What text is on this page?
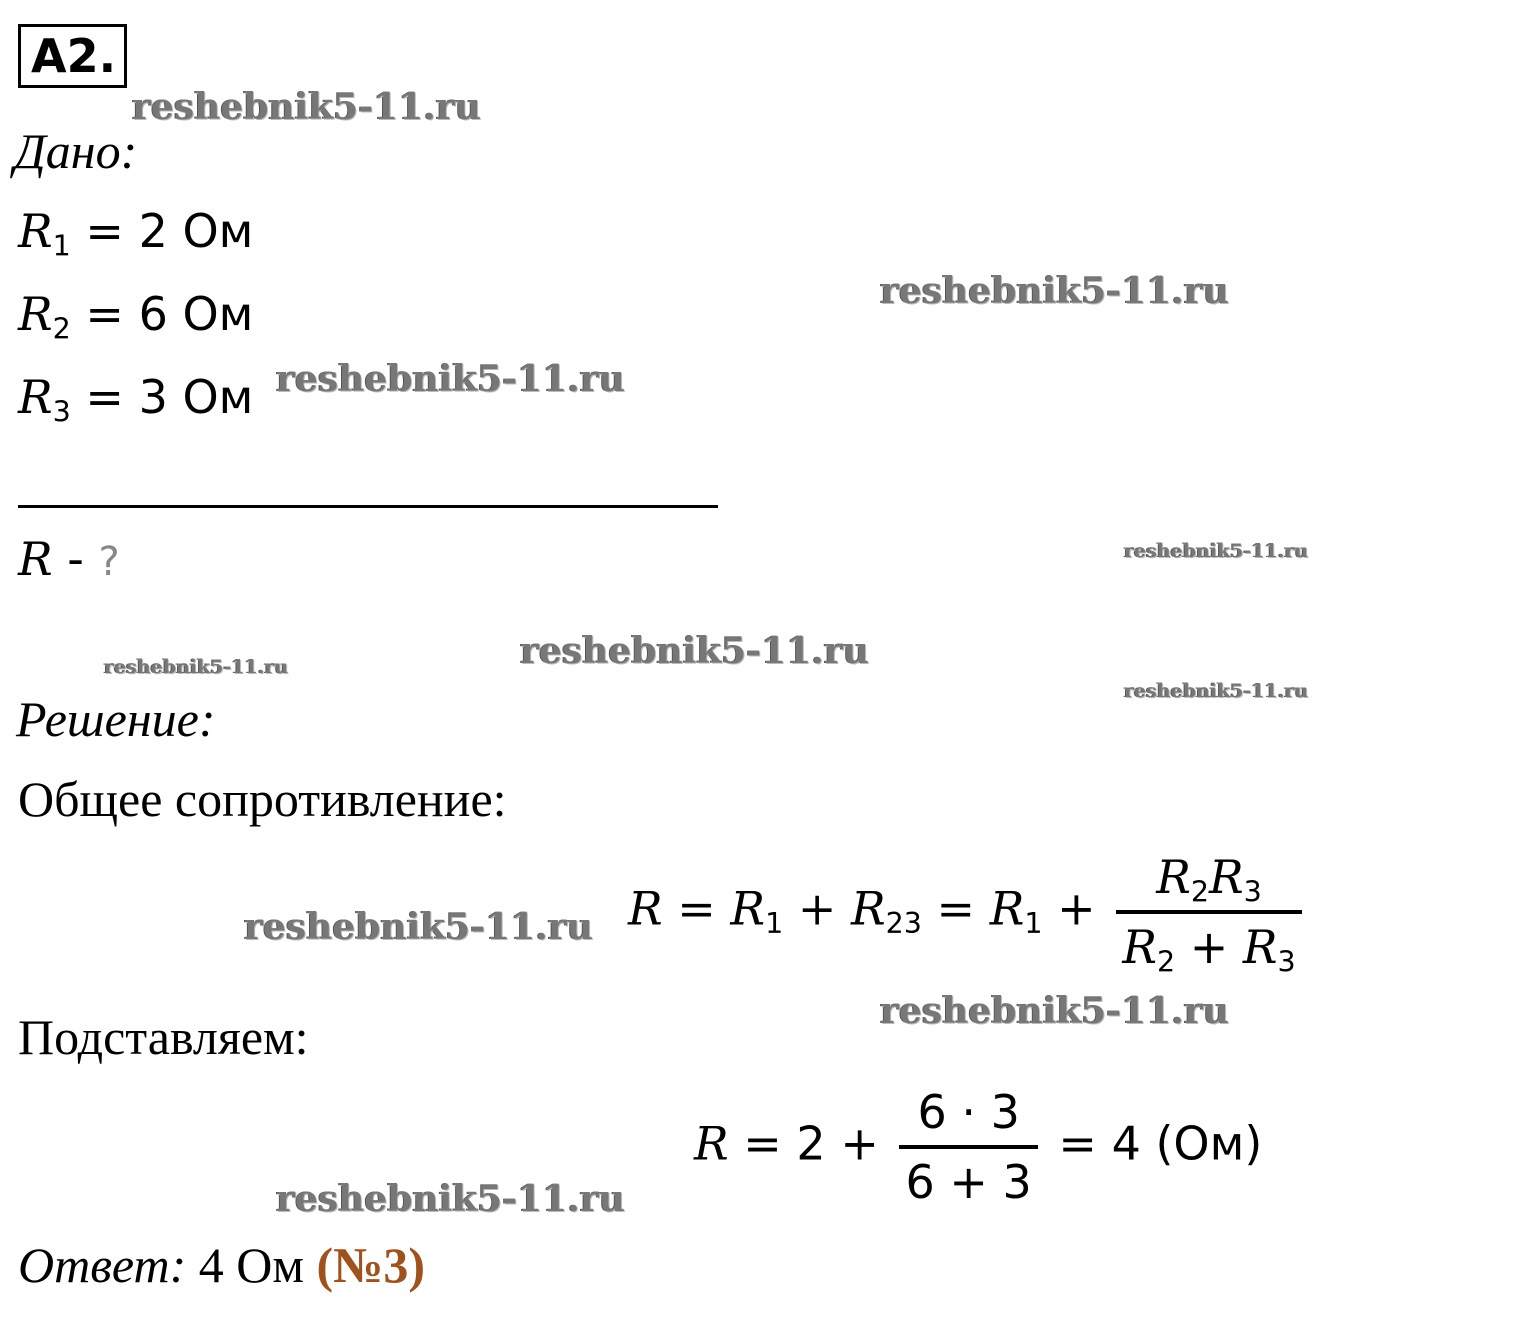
А2.
Дано:
$R_1 = 2$ Ом
$R_2 = 6$ Ом
$R_3 = 3$ Ом
R - ?
Решение:
Общее сопротивление:
$R = R_1 + R_{23} = R_1 + \frac{R_2R_3}{R_2 + R_3}$
Подставляем:
$R = 2 + \frac{6 \cdot 3}{6 + 3} = 4$ (Ом)
Ответ: 4 Ом (№3)
reshebnik5-11.ru
reshebnik5-11.ru
reshebnik5-11.ru
reshebnik5-11.ru
reshebnik5-11.ru
reshebnik5-11.ru
reshebnik5-11.ru
reshebnik5-11.ru
reshebnik5-11.ru
reshebnik5-11.ru
